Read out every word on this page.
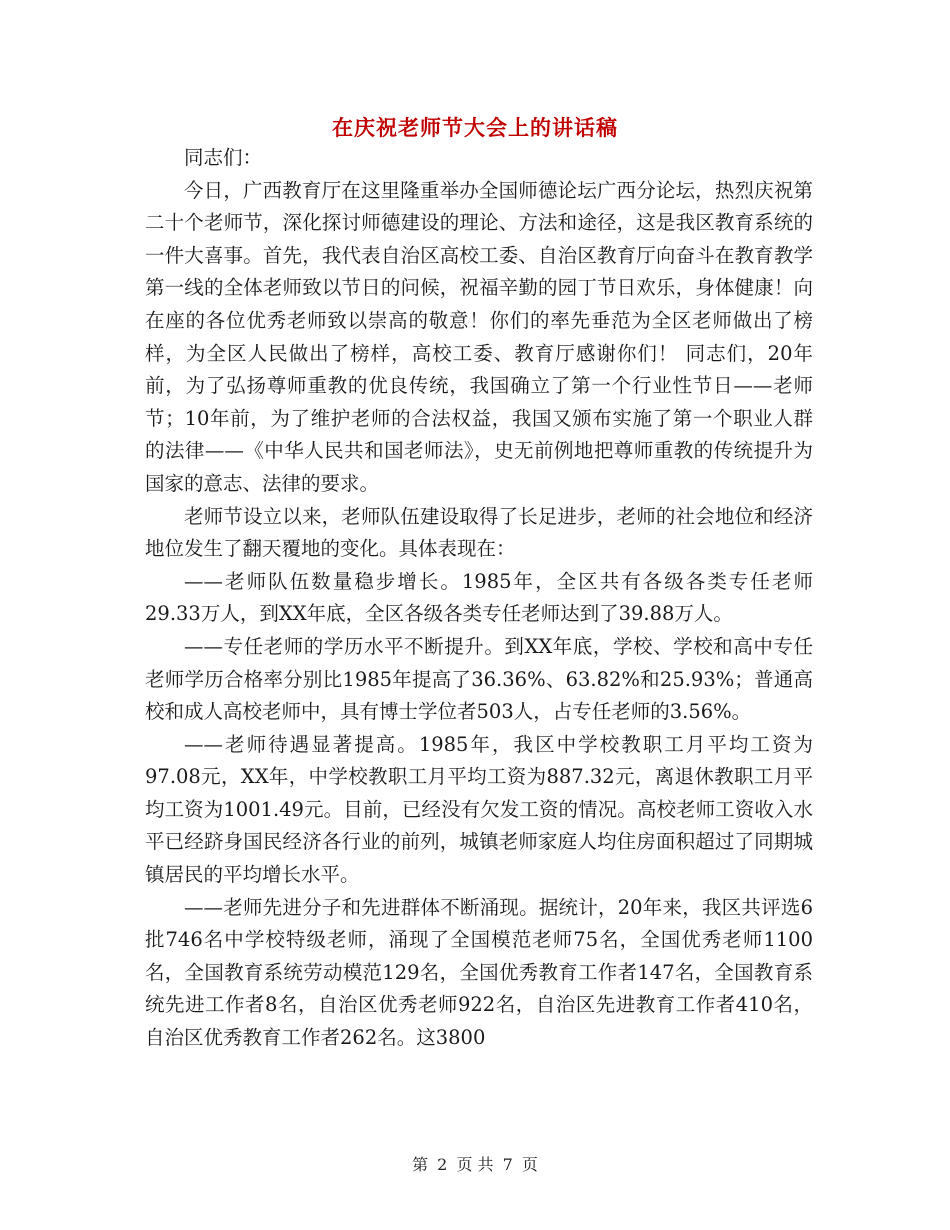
在庆祝老师节大会上的讲话稿

同志们：

今日，广西教育厅在这里隆重举办全国师德论坛广西分论坛，热烈庆祝第二十个老师节，深化探讨师德建设的理论、方法和途径，这是我区教育系统的一件大喜事。首先，我代表自治区高校工委、自治区教育厅向奋斗在教育教学第一线的全体老师致以节日的问候，祝福辛勤的园丁节日欢乐，身体健康！向在座的各位优秀老师致以崇高的敬意！你们的率先垂范为全区老师做出了榜样，为全区人民做出了榜样，高校工委、教育厅感谢你们！ 同志们，20年前，为了弘扬尊师重教的优良传统，我国确立了第一个行业性节日——老师节；10年前，为了维护老师的合法权益，我国又颁布实施了第一个职业人群的法律——《中华人民共和国老师法》，史无前例地把尊师重教的传统提升为国家的意志、法律的要求。

老师节设立以来，老师队伍建设取得了长足进步，老师的社会地位和经济地位发生了翻天覆地的变化。具体表现在：

——老师队伍数量稳步增长。1985年，全区共有各级各类专任老师29.33万人，到XX年底，全区各级各类专任老师达到了39.88万人。

——专任老师的学历水平不断提升。到XX年底，学校、学校和高中专任老师学历合格率分别比1985年提高了36.36%、63.82%和25.93%；普通高校和成人高校老师中，具有博士学位者503人，占专任老师的3.56%。

——老师待遇显著提高。1985年，我区中学校教职工月平均工资为97.08元，XX年，中学校教职工月平均工资为887.32元，离退休教职工月平均工资为1001.49元。目前，已经没有欠发工资的情况。高校老师工资收入水平已经跻身国民经济各行业的前列，城镇老师家庭人均住房面积超过了同期城镇居民的平均增长水平。

——老师先进分子和先进群体不断涌现。据统计，20年来，我区共评选6批746名中学校特级老师，涌现了全国模范老师75名，全国优秀老师1100名，全国教育系统劳动模范129名，全国优秀教育工作者147名，全国教育系统先进工作者8名，自治区优秀老师922名，自治区先进教育工作者410名，自治区优秀教育工作者262名。这3800

第 2 页 共 7 页
